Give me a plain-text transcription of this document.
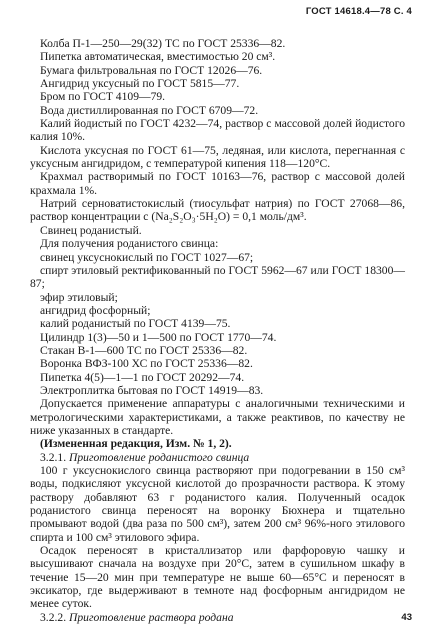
ГОСТ 14618.4—78 С. 4

Колба П-1—250—29(32) ТС по ГОСТ 25336—82.

Пипетка автоматическая, вместимостью 20 см³.

Бумага фильтровальная по ГОСТ 12026—76.

Ангидрид уксусный по ГОСТ 5815—77.

Бром по ГОСТ 4109—79.

Вода дистиллированная по ГОСТ 6709—72.

Калий йодистый по ГОСТ 4232—74, раствор с массовой долей йодистого калия 10%.

Кислота уксусная по ГОСТ 61—75, ледяная, или кислота, перегнанная с уксусным ангидридом, с температурой кипения 118—120°С.

Крахмал растворимый по ГОСТ 10163—76, раствор с массовой долей крахмала 1%.

Натрий серноватистокислый (тиосульфат натрия) по ГОСТ 27068—86, раствор концентрации с (Na₂S₂O₃·5H₂O) = 0,1 моль/дм³.

Свинец роданистый.

Для получения роданистого свинца:

свинец уксуснокислый по ГОСТ 1027—67;

спирт этиловый ректификованный по ГОСТ 5962—67 или ГОСТ 18300—87;

эфир этиловый;

ангидрид фосфорный;

калий роданистый по ГОСТ 4139—75.

Цилиндр 1(3)—50 и 1—500 по ГОСТ 1770—74.

Стакан В-1—600 ТС по ГОСТ 25336—82.

Воронка ВФЗ-100 ХС по ГОСТ 25336—82.

Пипетка 4(5)—1—1 по ГОСТ 20292—74.

Электроплитка бытовая по ГОСТ 14919—83.

Допускается применение аппаратуры с аналогичными техническими и метрологическими характеристиками, а также реактивов, по качеству не ниже указанных в стандарте.

(Измененная редакция, Изм. № 1, 2).

3.2.1. Приготовление роданистого свинца

100 г уксуснокислого свинца растворяют при подогревании в 150 см³ воды, подкисляют уксусной кислотой до прозрачности раствора. К этому раствору добавляют 63 г роданистого калия. Полученный осадок роданистого свинца переносят на воронку Бюхнера и тщательно промывают водой (два раза по 500 см³), затем 200 см³ 96%-ного этилового спирта и 100 см³ этилового эфира.

Осадок переносят в кристаллизатор или фарфоровую чашку и высушивают сначала на воздухе при 20°С, затем в сушильном шкафу в течение 15—20 мин при температуре не выше 60—65°С и переносят в эксикатор, где выдерживают в темноте над фосфорным ангидридом не менее суток.

3.2.2. Приготовление раствора родана	43
